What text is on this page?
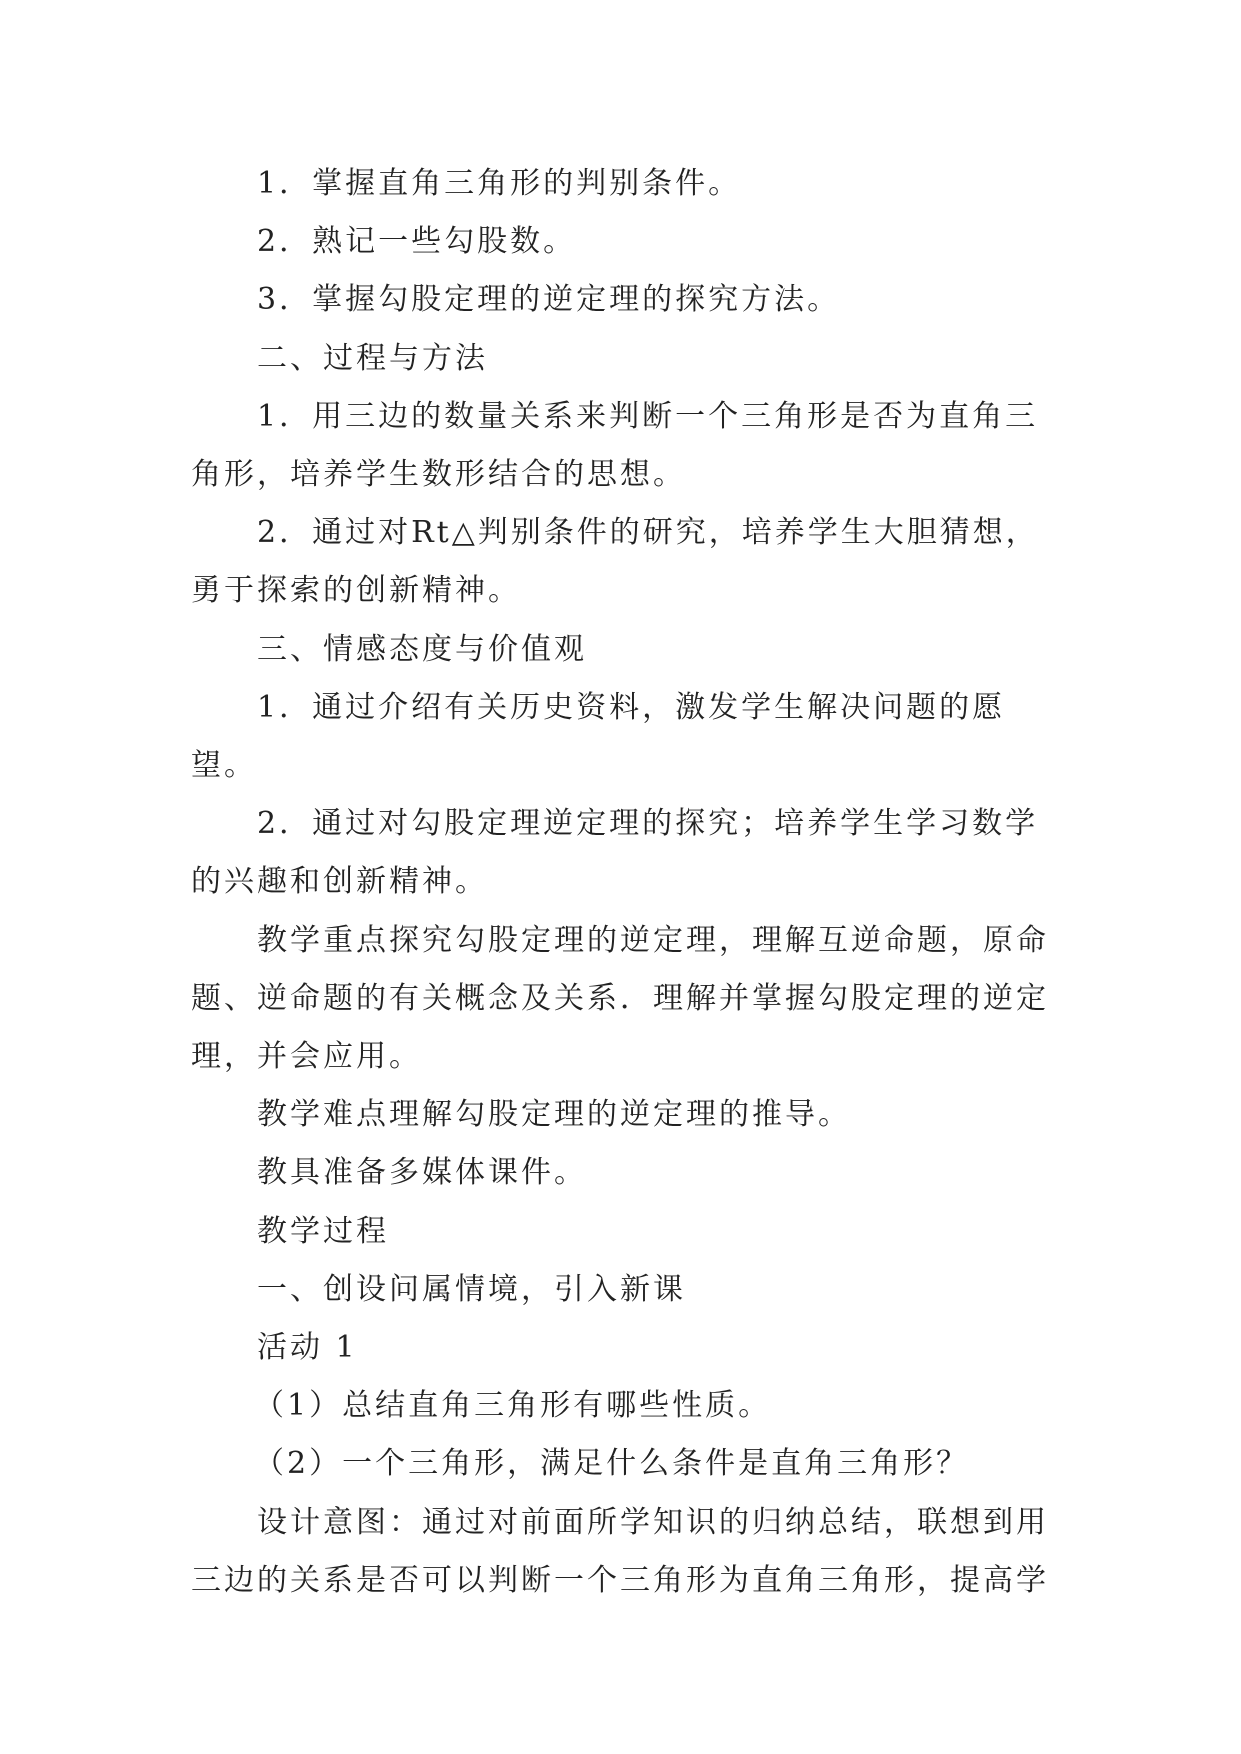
1．掌握直角三角形的判别条件。

2．熟记一些勾股数。

3．掌握勾股定理的逆定理的探究方法。

二、过程与方法

1．用三边的数量关系来判断一个三角形是否为直角三角形，培养学生数形结合的思想。

2．通过对Rt△判别条件的研究，培养学生大胆猜想，勇于探索的创新精神。

三、情感态度与价值观

1．通过介绍有关历史资料，激发学生解决问题的愿望。

2．通过对勾股定理逆定理的探究；培养学生学习数学的兴趣和创新精神。

教学重点探究勾股定理的逆定理，理解互逆命题，原命题、逆命题的有关概念及关系．理解并掌握勾股定理的逆定理，并会应用。

教学难点理解勾股定理的逆定理的推导。

教具准备多媒体课件。

教学过程

一、创设问属情境，引入新课

活动 1

（1）总结直角三角形有哪些性质。

（2）一个三角形，满足什么条件是直角三角形？

设计意图：通过对前面所学知识的归纳总结，联想到用三边的关系是否可以判断一个三角形为直角三角形，提高学
